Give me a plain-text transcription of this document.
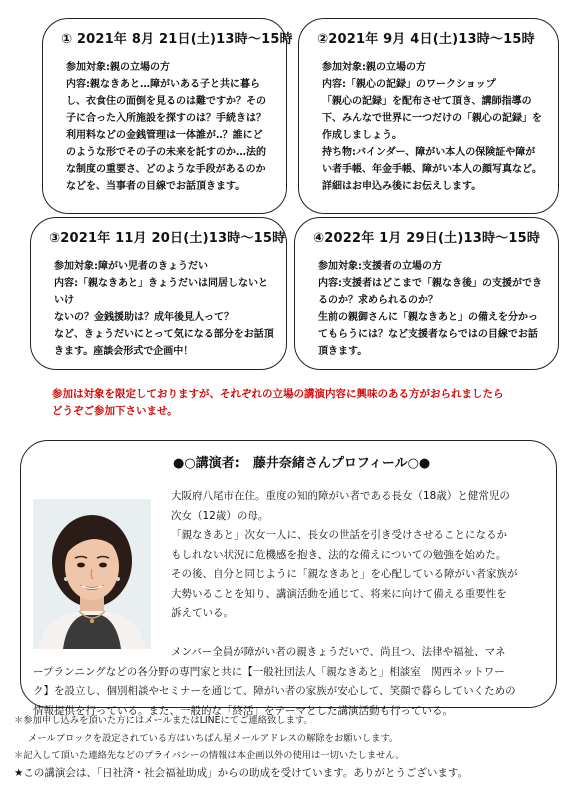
① 2021年 8月 21日(土)13時～15時

参加対象:親の立場の方

内容:親なきあと…障がいある子と共に暮ら

し、衣食住の面倒を見るのは難ですか？その

子に合った入所施設を探すのは？手続きは？

利用料などの金銭管理は一体誰が‥？誰にど

のような形でその子の未来を託すのか…法的

な制度の重要さ、どのような手段があるのか

などを、当事者の目線でお話頂きます。

②2021年 9月 4日(土)13時～15時

参加対象:親の立場の方

内容:「親心の記録」のワークショップ

「親心の記録」を配布させて頂き、講師指導の

下、みんなで世界に一つだけの「親心の記録」を

作成しましょう。

持ち物:バインダー、障がい本人の保険証や障が

い者手帳、年金手帳、障がい本人の顔写真など。

詳細はお申込み後にお伝えします。

③2021年 11月 20日(土)13時～15時

参加対象:障がい児者のきょうだい

内容:「親なきあと」きょうだいは同居しないといけ

ないの？金銭援助は？成年後見人って？

など、きょうだいにとって気になる部分をお話頂

きます。座談会形式で企画中！

④2022年 1月 29日(土)13時～15時

参加対象:支援者の立場の方

内容:支援者はどこまで「親なき後」の支援ができ

るのか？求められるのか？

生前の親御さんに「親なきあと」の備えを分かっ

てもらうには？など支援者ならではの目線でお話

頂きます。

参加は対象を限定しておりますが、それぞれの立場の講演内容に興味のある方がおられましたら
どうぞご参加下さいませ。
●○講演者:　藤井奈緒さんプロフィール○●

大阪府八尾市在住。重度の知的障がい者である長女（18歳）と健常児の

次女（12歳）の母。

「親なきあと」次女一人に、長女の世話を引き受けさせることになるか

もしれない状況に危機感を抱き、法的な備えについての勉強を始めた。

その後、自分と同じように「親なきあと」を心配している障がい者家族が

大勢いることを知り、講演活動を通じて、将来に向けて備える重要性を

訴えている。

メンバー全員が障がい者の親きょうだいで、尚且つ、法律や福祉、マネ

ープランニングなどの各分野の専門家と共に【一般社団法人「親なきあと」相談室　関西ネットワー

ク】を設立し、個別相談やセミナーを通じて、障がい者の家族が安心して、笑顔で暮らしていくための

情報提供を行っている。また、一般的な「終活」をテーマとした講演活動も行っている。

＊参加申し込みを頂いた方にはメールまたはLINEにてご連絡致します。

メールブロックを設定されている方はいちばん星メールアドレスの解除をお願いします。

＊記入して頂いた連絡先などのプライバシーの情報は本企画以外の使用は一切いたしません。

★この講演会は、「日社済・社会福祉助成」からの助成を受けています。ありがとうございます。
